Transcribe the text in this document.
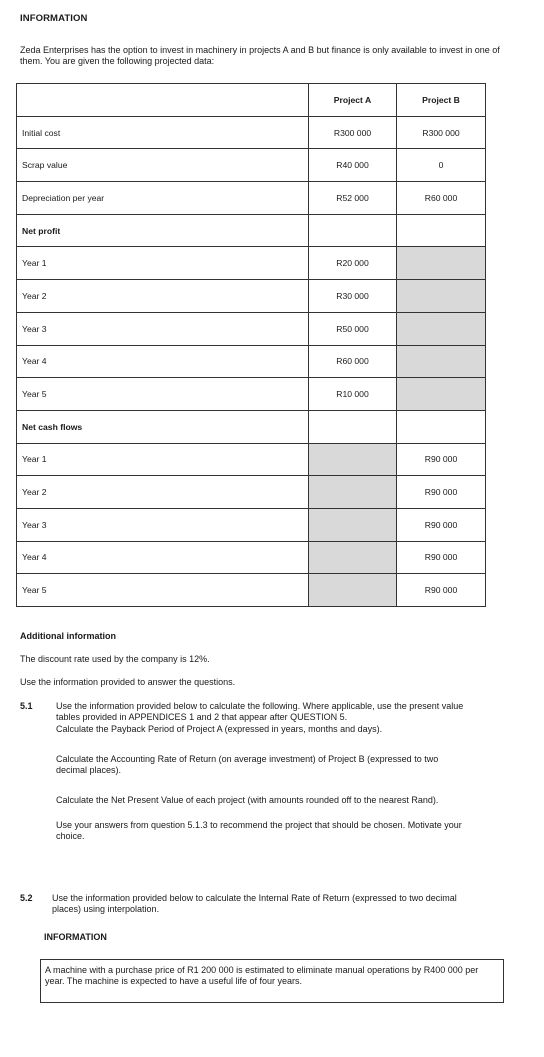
INFORMATION
Zeda Enterprises has the option to invest in machinery in projects A and B but finance is only available to invest in one of them. You are given the following projected data:
	Project A	Project B
Initial cost	R300 000	R300 000
Scrap value	R40 000	0
Depreciation per year	R52 000	R60 000
Net profit		
Year 1	R20 000	
Year 2	R30 000	
Year 3	R50 000	
Year 4	R60 000	
Year 5	R10 000	
Net cash flows		
Year 1		R90 000
Year 2		R90 000
Year 3		R90 000
Year 4		R90 000
Year 5		R90 000
Additional information
The discount rate used by the company is 12%.
Use the information provided to answer the questions.
5.1	Use the information provided below to calculate the following. Where applicable, use the present value tables provided in APPENDICES 1 and 2 that appear after QUESTION 5.
Calculate the Payback Period of Project A (expressed in years, months and days).
Calculate the Accounting Rate of Return (on average investment) of Project B (expressed to two decimal places).
Calculate the Net Present Value of each project (with amounts rounded off to the nearest Rand).
Use your answers from question 5.1.3 to recommend the project that should be chosen. Motivate your choice.
5.2 Use the information provided below to calculate the Internal Rate of Return (expressed to two decimal places) using interpolation.
INFORMATION
A machine with a purchase price of R1 200 000 is estimated to eliminate manual operations by R400 000 per year. The machine is expected to have a useful life of four years.
